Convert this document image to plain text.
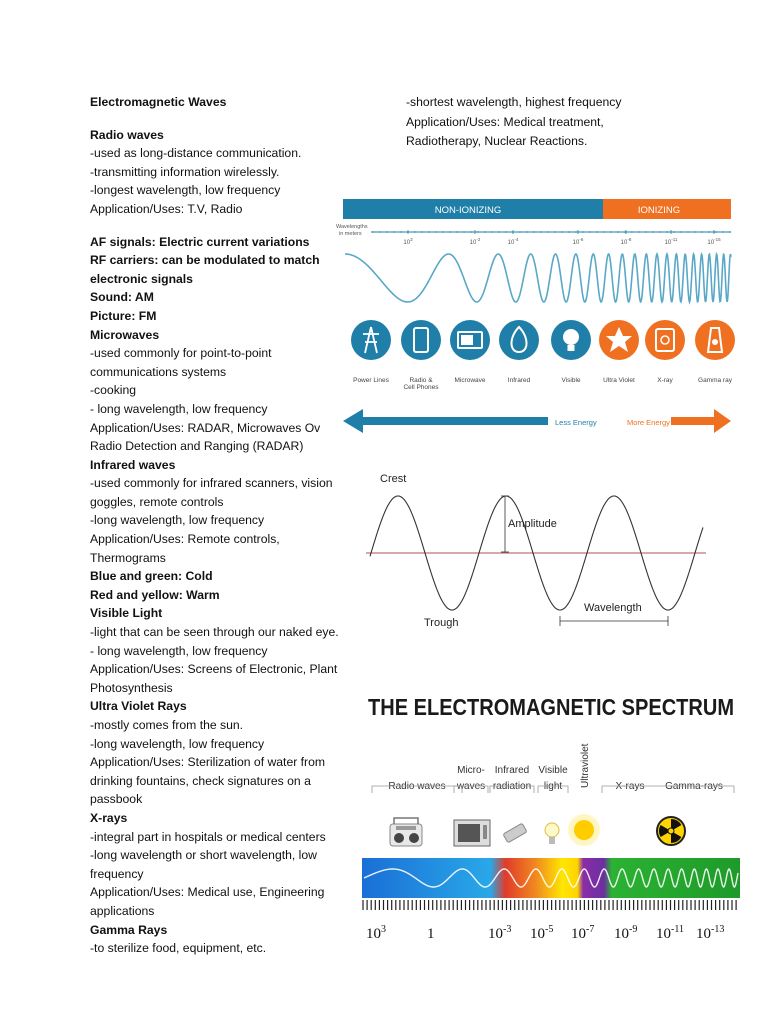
Electromagnetic Waves
Radio waves
-used as long-distance communication.
-transmitting information wirelessly.
-longest wavelength, low frequency
Application/Uses: T.V, Radio
AF signals: Electric current variations
RF carriers: can be modulated to match
electronic signals
Sound: AM
Picture: FM
Microwaves
-used commonly for point-to-point
communications systems
-cooking
- long wavelength, low frequency
Application/Uses: RADAR, Microwaves Ov
Radio Detection and Ranging (RADAR)
Infrared waves
-used commonly for infrared scanners, vision
goggles, remote controls
-long wavelength, low frequency
Application/Uses: Remote controls,
Thermograms
Blue and green: Cold
Red and yellow: Warm
Visible Light
-light that can be seen through our naked eye.
- long wavelength, low frequency
Application/Uses: Screens of Electronic, Plant
Photosynthesis
Ultra Violet Rays
-mostly comes from the sun.
-long wavelength, low frequency
Application/Uses: Sterilization of water from
drinking fountains, check signatures on a
passbook
X-rays
-integral part in hospitals or medical centers
-long wavelength or short wavelength, low
frequency
Application/Uses: Medical use, Engineering
applications
Gamma Rays
-to sterilize food, equipment, etc.
-shortest wavelength, highest frequency
Application/Uses: Medical treatment,
Radiotherapy, Nuclear Reactions.
NON-IONIZING	IONIZING
Wavelengths
in meters
$10^3$
$10^{-2}$
$10^{-4}$
$10^{-6}$
$10^{-8}$
$10^{-11}$
$10^{-15}$
Power Lines	Radio &
Cell Phones
Microwave	Infrared	Visible	Ultra Violet	X-ray	Gamma ray
Less Energy	More Energy
Crest
Amplitude
Trough
Wavelength
THE ELECTROMAGNETIC SPECTRUM
Radio waves
Micro-
waves
Infrared
radiation
Visible
light Ultraviolet X-rays Gamma-rays
$10^3$	1	$10^{-3}$ $10^{-5}$ $10^{-7}$ $10^{-9}$ $10^{-11}$ $10^{-13}$
